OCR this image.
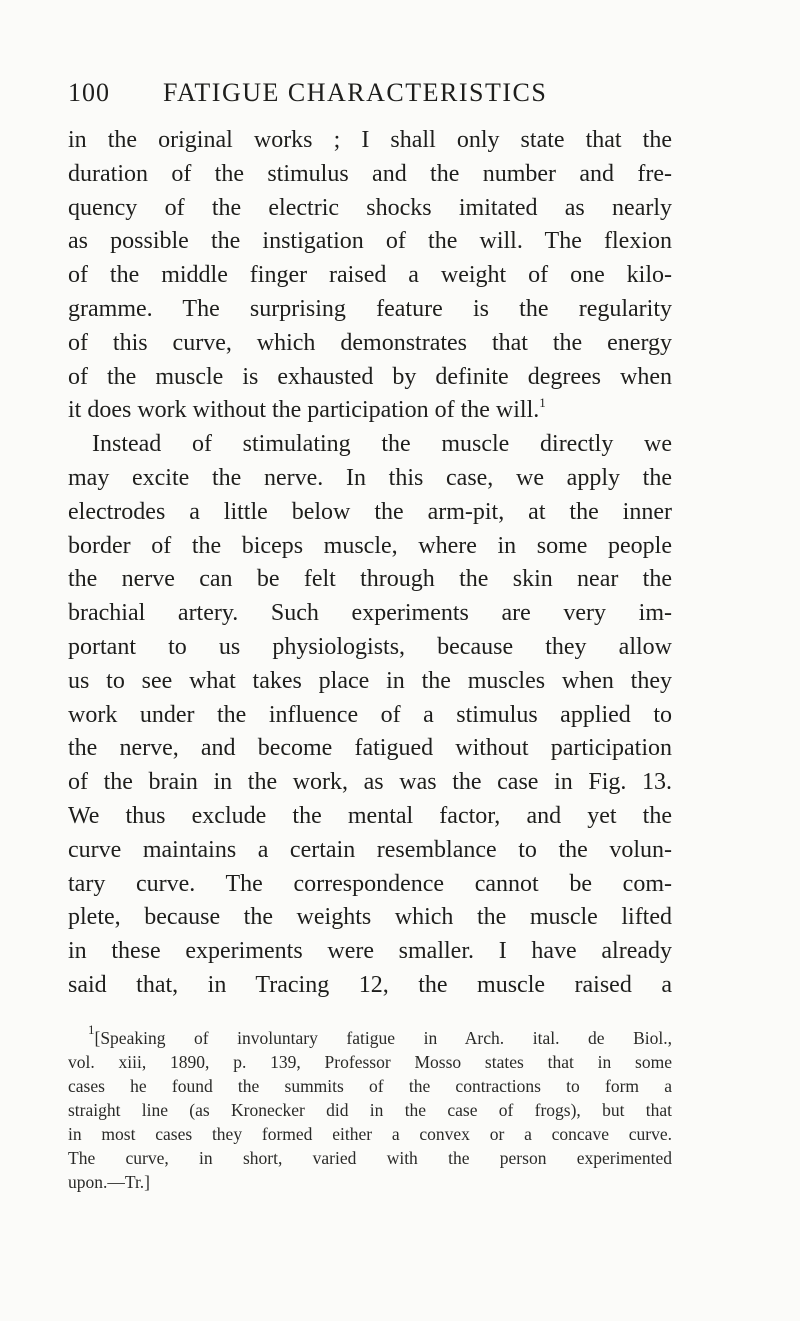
100	FATIGUE CHARACTERISTICS
in the original works ; I shall only state that the
duration of the stimulus and the number and fre-
quency of the electric shocks imitated as nearly
as possible the instigation of the will. The flexion
of the middle finger raised a weight of one kilo-
gramme. The surprising feature is the regularity
of this curve, which demonstrates that the energy
of the muscle is exhausted by definite degrees when
it does work without the participation of the will.$^1$
Instead of stimulating the muscle directly we
may excite the nerve. In this case, we apply the
electrodes a little below the arm-pit, at the inner
border of the biceps muscle, where in some people
the nerve can be felt through the skin near the
brachial artery. Such experiments are very im-
portant to us physiologists, because they allow
us to see what takes place in the muscles when they
work under the influence of a stimulus applied to
the nerve, and become fatigued without participation
of the brain in the work, as was the case in Fig. 13.
We thus exclude the mental factor, and yet the
curve maintains a certain resemblance to the volun-
tary curve. The correspondence cannot be com-
plete, because the weights which the muscle lifted
in these experiments were smaller. I have already
said that, in Tracing 12, the muscle raised a
$^1$[Speaking of involuntary fatigue in Arch. ital. de Biol.,
vol. xiii, 1890, p. 139, Professor Mosso states that in some
cases he found the summits of the contractions to form a
straight line (as Kronecker did in the case of frogs), but that
in most cases they formed either a convex or a concave curve.
The curve, in short, varied with the person experimented
upon.—Tr.]
